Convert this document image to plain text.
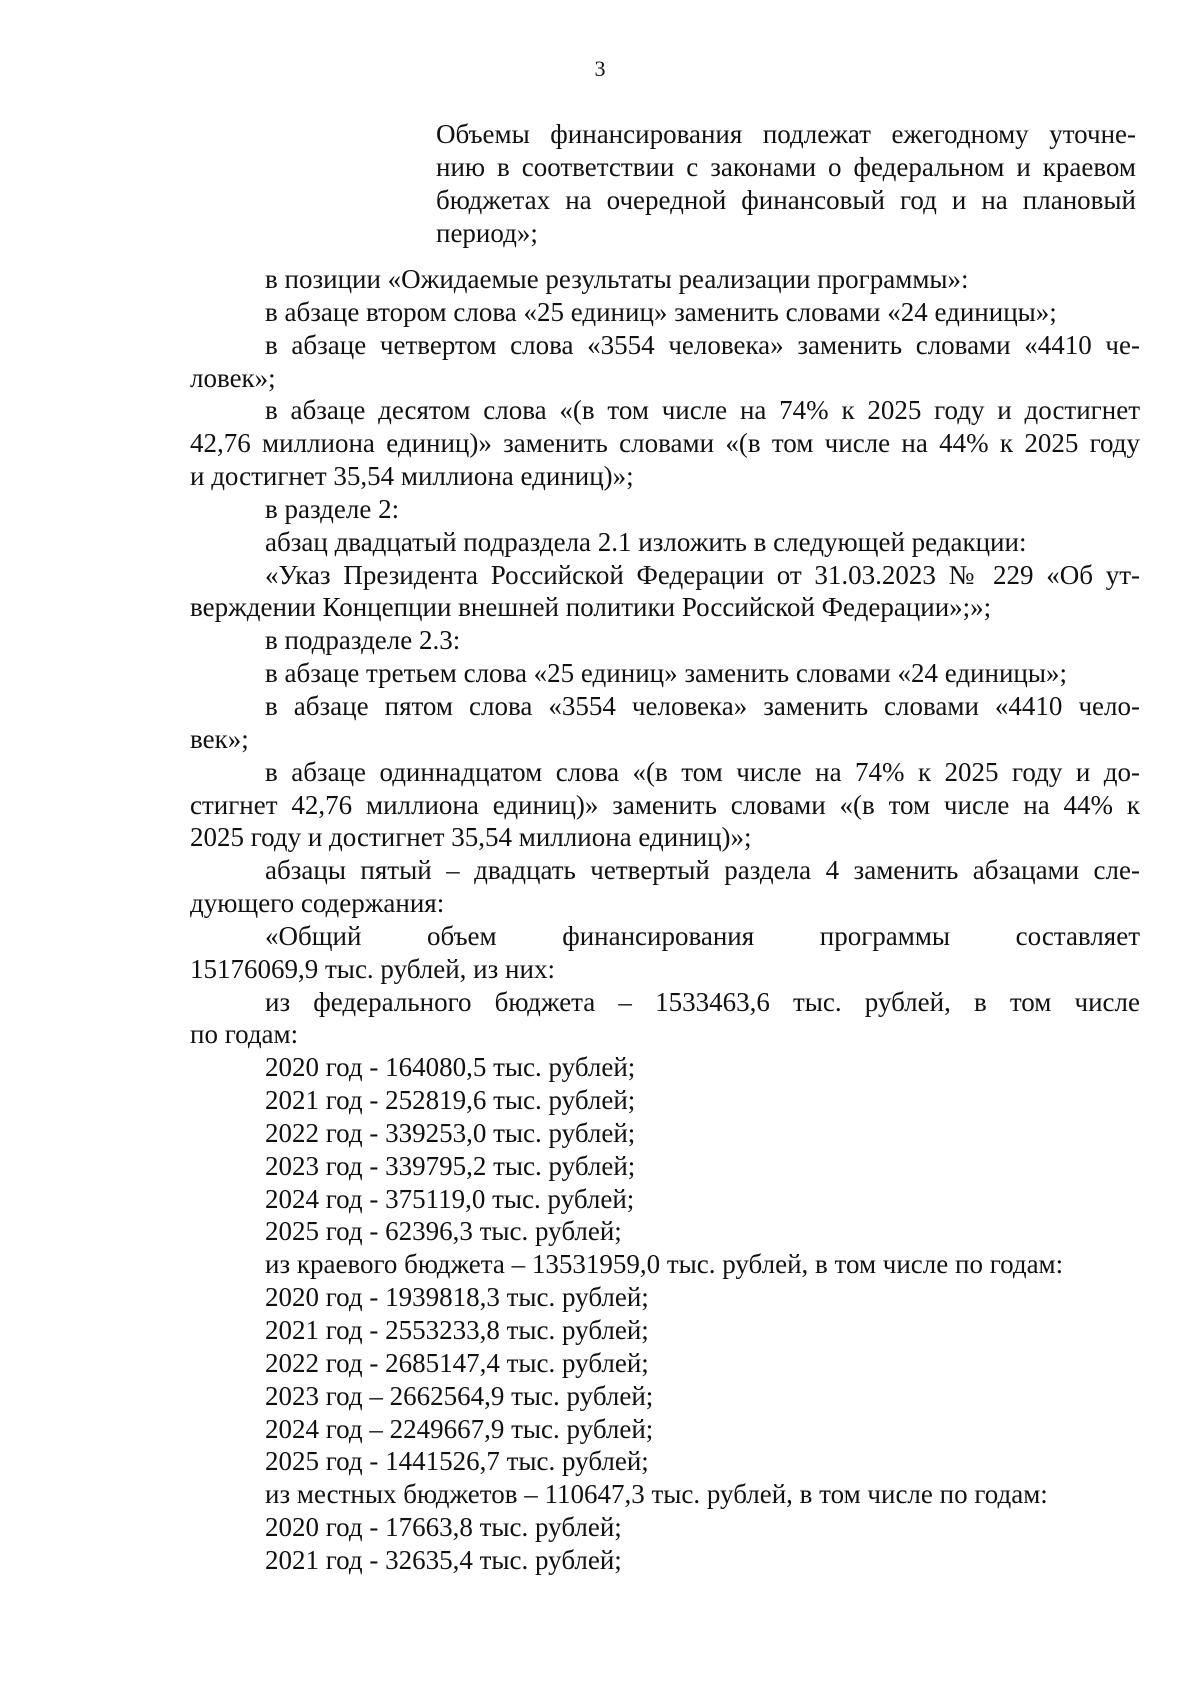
3
Объемы финансирования подлежат ежегодному уточне-
нию в соответствии с законами о федеральном и краевом
бюджетах на очередной финансовый год и на плановый
период»;
в позиции «Ожидаемые результаты реализации программы»:
в абзаце втором слова «25 единиц» заменить словами «24 единицы»;
в абзаце четвертом слова «3554 человека» заменить словами «4410 че-
ловек»;
в абзаце десятом слова «(в том числе на 74% к 2025 году и достигнет
42,76 миллиона единиц)» заменить словами «(в том числе на 44% к 2025 году
и достигнет 35,54 миллиона единиц)»;
в разделе 2:
абзац двадцатый подраздела 2.1 изложить в следующей редакции:
«Указ Президента Российской Федерации от 31.03.2023 № 229 «Об ут-
верждении Концепции внешней политики Российской Федерации»;»;
в подразделе 2.3:
в абзаце третьем слова «25 единиц» заменить словами «24 единицы»;
в абзаце пятом слова «3554 человека» заменить словами «4410 чело-
век»;
в абзаце одиннадцатом слова «(в том числе на 74% к 2025 году и до-
стигнет 42,76 миллиона единиц)» заменить словами «(в том числе на 44% к
2025 году и достигнет 35,54 миллиона единиц)»;
абзацы пятый – двадцать четвертый раздела 4 заменить абзацами сле-
дующего содержания:
«Общий объем финансирования программы составляет
15176069,9 тыс. рублей, из них:
из федерального бюджета – 1533463,6 тыс. рублей, в том числе
по годам:
2020 год - 164080,5 тыс. рублей;
2021 год - 252819,6 тыс. рублей;
2022 год - 339253,0 тыс. рублей;
2023 год - 339795,2 тыс. рублей;
2024 год - 375119,0 тыс. рублей;
2025 год - 62396,3 тыс. рублей;
из краевого бюджета – 13531959,0 тыс. рублей, в том числе по годам:
2020 год - 1939818,3 тыс. рублей;
2021 год - 2553233,8 тыс. рублей;
2022 год - 2685147,4 тыс. рублей;
2023 год – 2662564,9 тыс. рублей;
2024 год – 2249667,9 тыс. рублей;
2025 год - 1441526,7 тыс. рублей;
из местных бюджетов – 110647,3 тыс. рублей, в том числе по годам:
2020 год - 17663,8 тыс. рублей;
2021 год - 32635,4 тыс. рублей;
